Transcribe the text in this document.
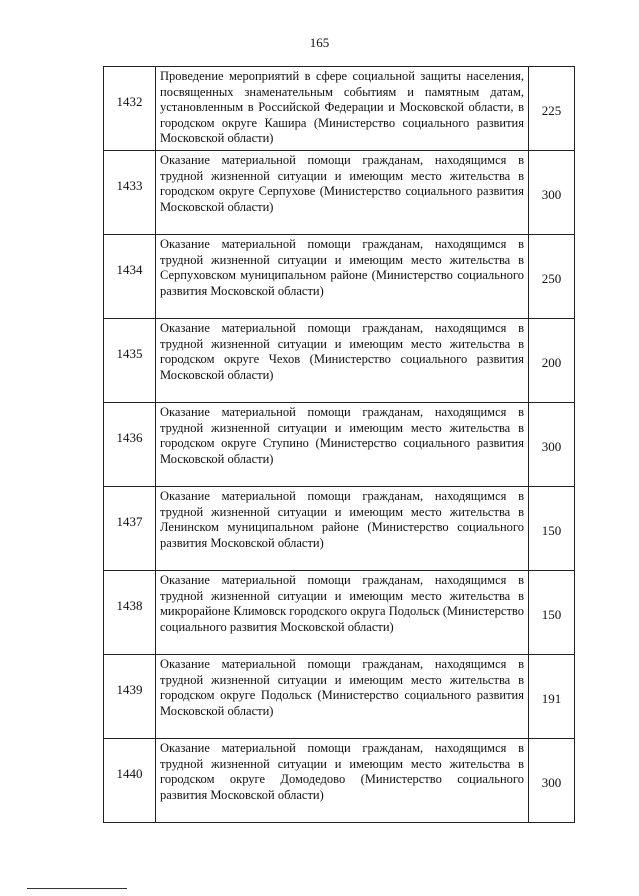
165
1432	Проведение мероприятий в сфере социальной защиты населения, посвященных знаменательным событиям и памятным датам, установленным в Российской Федерации и Московской области, в городском округе Кашира (Министерство социального развития Московской области)	225

1433	Оказание материальной помощи гражданам, находящимся в трудной жизненной ситуации и имеющим место жительства в городском округе Серпухове (Министерство социального развития Московской области)	300

1434	Оказание материальной помощи гражданам, находящимся в трудной жизненной ситуации и имеющим место жительства в Серпуховском муниципальном районе (Министерство социального развития Московской области)	250

1435	Оказание материальной помощи гражданам, находящимся в трудной жизненной ситуации и имеющим место жительства в городском округе Чехов (Министерство социального развития Московской области)	200

1436	Оказание материальной помощи гражданам, находящимся в трудной жизненной ситуации и имеющим место жительства в городском округе Ступино (Министерство социального развития Московской области)	300

1437	Оказание материальной помощи гражданам, находящимся в трудной жизненной ситуации и имеющим место жительства в Ленинском муниципальном районе (Министерство социального развития Московской области)	150

1438	Оказание материальной помощи гражданам, находящимся в трудной жизненной ситуации и имеющим место жительства в микрорайоне Климовск городского округа Подольск (Министерство социального развития Московской области)	150

1439	Оказание материальной помощи гражданам, находящимся в трудной жизненной ситуации и имеющим место жительства в городском округе Подольск (Министерство социального развития Московской области)	191

1440	Оказание материальной помощи гражданам, находящимся в трудной жизненной ситуации и имеющим место жительства в городском округе Домодедово (Министерство социального развития Московской области)	300
